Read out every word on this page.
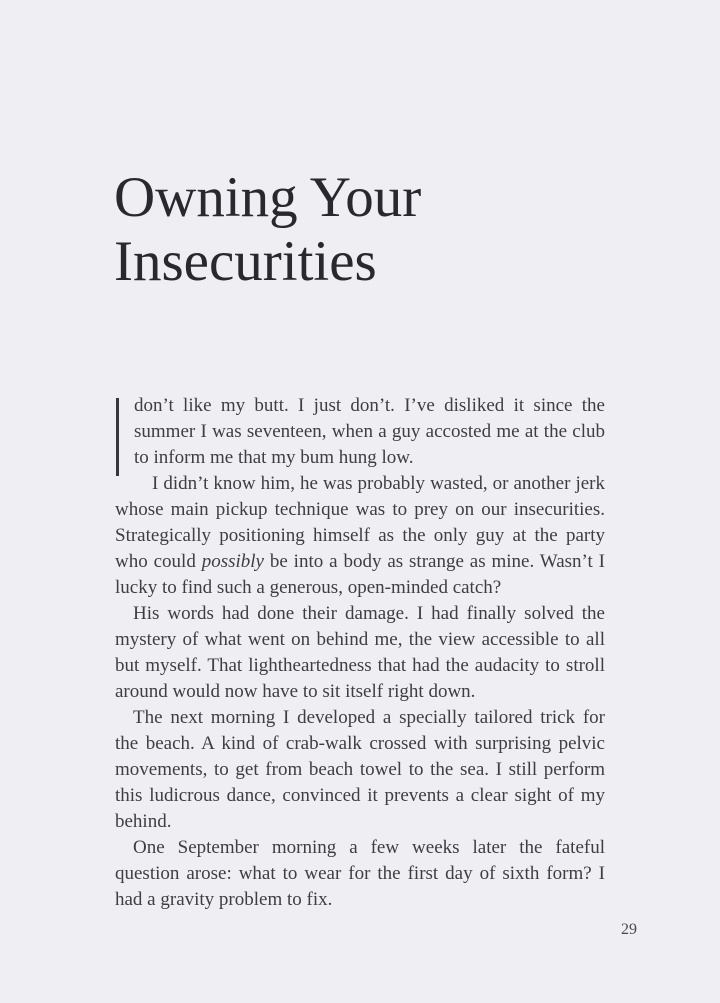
Owning Your
Insecurities

don’t like my butt. I just don’t. I’ve disliked it since the summer I was seventeen, when a guy accosted me at the club to inform me that my bum hung low.

I didn’t know him, he was probably wasted, or another jerk whose main pickup technique was to prey on our insecurities. Strategically positioning himself as the only guy at the party who could possibly be into a body as strange as mine. Wasn’t I lucky to find such a generous, open-minded catch?

His words had done their damage. I had finally solved the mystery of what went on behind me, the view accessible to all but myself. That lightheartedness that had the audacity to stroll around would now have to sit itself right down.

The next morning I developed a specially tailored trick for the beach. A kind of crab-walk crossed with surprising pelvic movements, to get from beach towel to the sea. I still perform this ludicrous dance, convinced it prevents a clear sight of my behind.

One September morning a few weeks later the fateful question arose: what to wear for the first day of sixth form? I had a gravity problem to fix.

29
